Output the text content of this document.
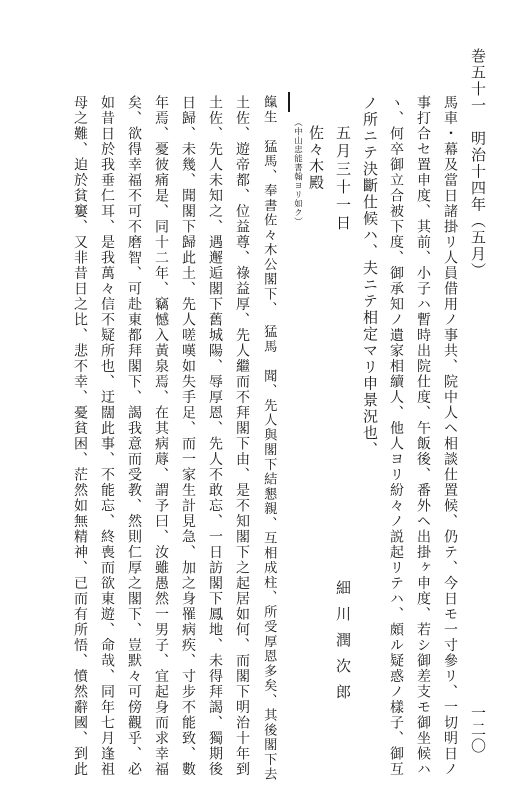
巻五十一　明治十四年（五月）
一二〇
馬車・幕及當日諸掛リ人員借用ノ事共、院中人ヘ相談仕置候、仍テ、今日モ一寸參リ、一切明日ノ
事打合セ置申度、其前、小子ハ暫時出院仕度、午飯後、番外ヘ出掛ヶ申度、若シ御差支モ御坐候ハ
ヽ、何卒御立合被下度、御承知ノ遺家相續人、他人ヨリ紛々ノ説起リテハ、頗ル疑惑ノ樣子、御互
ノ所ニテ決斷仕候ハ、夫ニテ相定マリ申景況也、
五月三十一日
細川潤次郎
佐々木殿
（中山忠能書翰ヨリ如ク）
餼生　猛馬、奉書佐々木公閣下、　猛馬　聞、先人與閣下結懇親、互相成柱、所受厚恩多矣、其後閣下去
土佐、遊帝都、位益尊、祿益厚、先人繼而不拜閣下由、是不知閣下之起居如何、而閣下明治十年到
土佐、先人未知之、遇邂逅閣下舊城陽、辱厚恩、先人不敢忘、一日訪閣下鳳地、未得拜謁、獨期後
日歸、未幾、聞閣下歸此土、先人嗟嘆如失手足、而一家生計見急、加之身罹病疾、寸步不能致、數
年焉、憂彼痛是、同十二年、竊憾入黃泉焉、在其病蓐、謂予曰、汝雖愚然一男子、宜起身而求幸福
矣、欲得幸福不可不磨智、可赴東都拜閣下、謁我意而受教、然則仁厚之閣下、豈默々可傍觀乎、必
如昔日於我垂仁耳、是我萬々信不疑所也、迂闊此事、不能忘、終喪而欲東遊、命哉、同年七月逢祖
母之難、迫於貧窶、又非昔日之比、悲不幸、憂貧困、茫然如無精神、已而有所悟、憤然辭國、到此
